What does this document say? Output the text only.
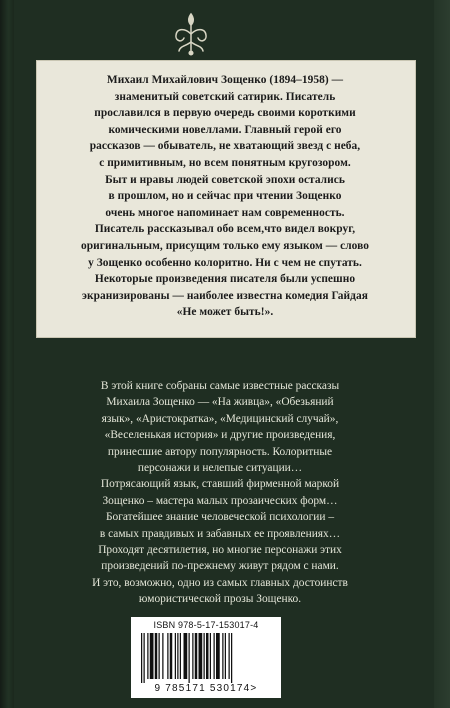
Михаил Михайлович Зощенко (1894–1958) —
знаменитый советский сатирик. Писатель
прославился в первую очередь своими короткими
комическими новеллами. Главный герой его
рассказов — обыватель, не хватающий звезд с неба,
с примитивным, но всем понятным кругозором.
Быт и нравы людей советской эпохи остались
в прошлом, но и сейчас при чтении Зощенко
очень многое напоминает нам современность.
Писатель рассказывал обо всем,что видел вокруг,
оригинальным, присущим только ему языком — слово
у Зощенко особенно колоритно. Ни с чем не спутать.
Некоторые произведения писателя были успешно
экранизированы — наиболее известна комедия Гайдая
«Не может быть!».
В этой книге собраны самые известные рассказы
Михаила Зощенко — «На живца», «Обезьяний
язык», «Аристократка», «Медицинский случай»,
«Веселенькая история» и другие произведения,
принесшие автору популярность. Колоритные
персонажи и нелепые ситуации…
Потрясающий язык, ставший фирменной маркой
Зощенко – мастера малых прозаических форм…
Богатейшее знание человеческой психологии –
в самых правдивых и забавных ее проявлениях…
Проходят десятилетия, но многие персонажи этих
произведений по-прежнему живут рядом с нами.
И это, возможно, одно из самых главных достоинств
юмористической прозы Зощенко.
ISBN 978-5-17-153017-4
9 785171 530174>
